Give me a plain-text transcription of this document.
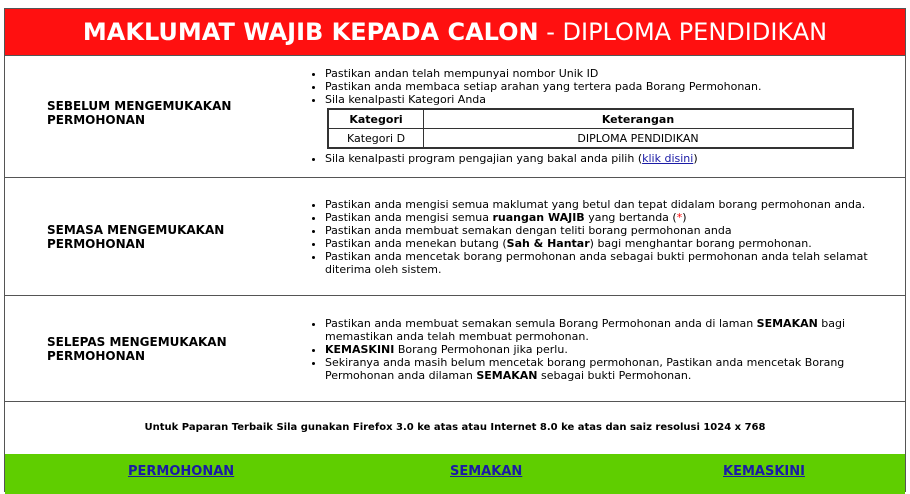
MAKLUMAT WAJIB KEPADA CALON - DIPLOMA PENDIDIKAN
SEBELUM MENGEMUKAKAN PERMOHONAN
• Pastikan andan telah mempunyai nombor Unik ID
• Pastikan anda membaca setiap arahan yang tertera pada Borang Permohonan.
• Sila kenalpasti Kategori Anda
Kategori	Keterangan
Kategori D	DIPLOMA PENDIDIKAN
• Sila kenalpasti program pengajian yang bakal anda pilih (klik disini)
SEMASA MENGEMUKAKAN PERMOHONAN
• Pastikan anda mengisi semua maklumat yang betul dan tepat didalam borang permohonan anda.
• Pastikan anda mengisi semua ruangan WAJIB yang bertanda (*)
• Pastikan anda membuat semakan dengan teliti borang permohonan anda
• Pastikan anda menekan butang (Sah & Hantar) bagi menghantar borang permohonan.
• Pastikan anda mencetak borang permohonan anda sebagai bukti permohonan anda telah selamat diterima oleh sistem.
SELEPAS MENGEMUKAKAN PERMOHONAN
• Pastikan anda membuat semakan semula Borang Permohonan anda di laman SEMAKAN bagi memastikan anda telah membuat permohonan.
• KEMASKINI Borang Permohonan jika perlu.
• Sekiranya anda masih belum mencetak borang permohonan, Pastikan anda mencetak Borang Permohonan anda dilaman SEMAKAN sebagai bukti Permohonan.
Untuk Paparan Terbaik Sila gunakan Firefox 3.0 ke atas atau Internet 8.0 ke atas dan saiz resolusi 1024 x 768
PERMOHONAN	SEMAKAN	KEMASKINI
